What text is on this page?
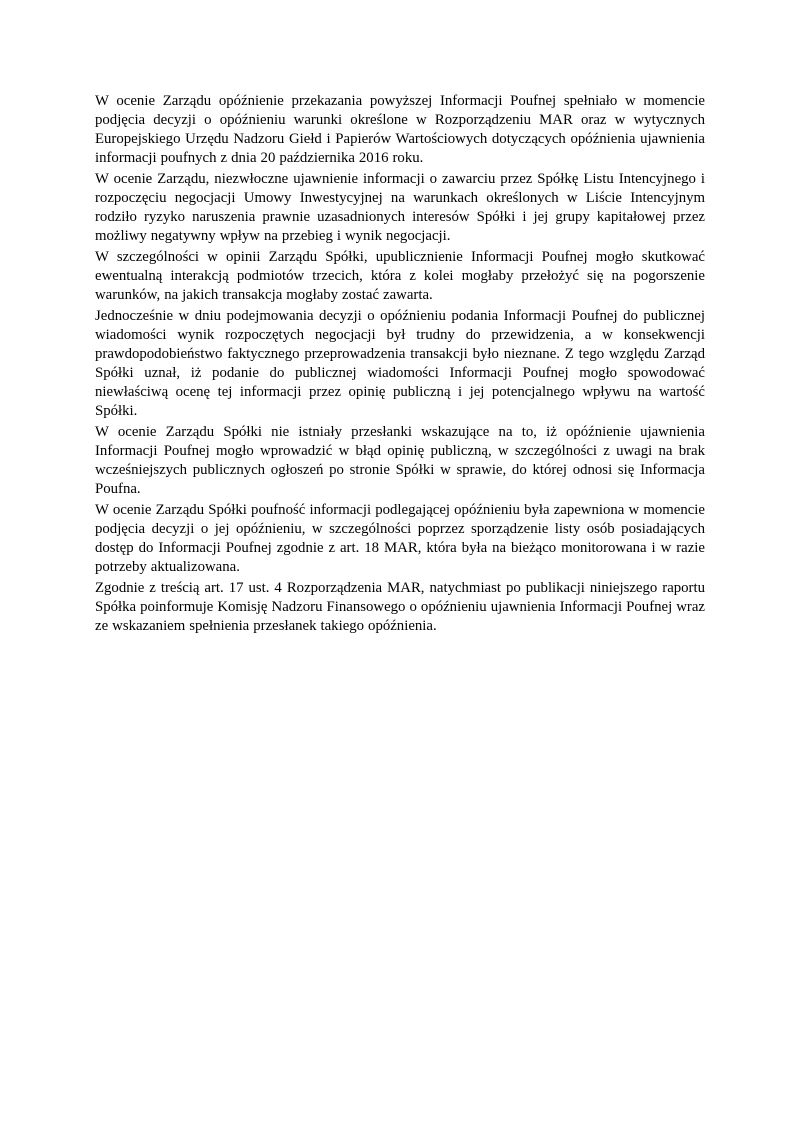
W ocenie Zarządu opóźnienie przekazania powyższej Informacji Poufnej spełniało w momencie podjęcia decyzji o opóźnieniu warunki określone w Rozporządzeniu MAR oraz w wytycznych Europejskiego Urzędu Nadzoru Giełd i Papierów Wartościowych dotyczących opóźnienia ujawnienia informacji poufnych z dnia 20 października 2016 roku.

W ocenie Zarządu, niezwłoczne ujawnienie informacji o zawarciu przez Spółkę Listu Intencyjnego i rozpoczęciu negocjacji Umowy Inwestycyjnej na warunkach określonych w Liście Intencyjnym rodziło ryzyko naruszenia prawnie uzasadnionych interesów Spółki i jej grupy kapitałowej przez możliwy negatywny wpływ na przebieg i wynik negocjacji.

W szczególności w opinii Zarządu Spółki, upublicznienie Informacji Poufnej mogło skutkować ewentualną interakcją podmiotów trzecich, która z kolei mogłaby przełożyć się na pogorszenie warunków, na jakich transakcja mogłaby zostać zawarta.

Jednocześnie w dniu podejmowania decyzji o opóźnieniu podania Informacji Poufnej do publicznej wiadomości wynik rozpoczętych negocjacji był trudny do przewidzenia, a w konsekwencji prawdopodobieństwo faktycznego przeprowadzenia transakcji było nieznane. Z tego względu Zarząd Spółki uznał, iż podanie do publicznej wiadomości Informacji Poufnej mogło spowodować niewłaściwą ocenę tej informacji przez opinię publiczną i jej potencjalnego wpływu na wartość Spółki.

W ocenie Zarządu Spółki nie istniały przesłanki wskazujące na to, iż opóźnienie ujawnienia Informacji Poufnej mogło wprowadzić w błąd opinię publiczną, w szczególności z uwagi na brak wcześniejszych publicznych ogłoszeń po stronie Spółki w sprawie, do której odnosi się Informacja Poufna.

W ocenie Zarządu Spółki poufność informacji podlegającej opóźnieniu była zapewniona w momencie podjęcia decyzji o jej opóźnieniu, w szczególności poprzez sporządzenie listy osób posiadających dostęp do Informacji Poufnej zgodnie z art. 18 MAR, która była na bieżąco monitorowana i w razie potrzeby aktualizowana.

Zgodnie z treścią art. 17 ust. 4 Rozporządzenia MAR, natychmiast po publikacji niniejszego raportu Spółka poinformuje Komisję Nadzoru Finansowego o opóźnieniu ujawnienia Informacji Poufnej wraz ze wskazaniem spełnienia przesłanek takiego opóźnienia.
